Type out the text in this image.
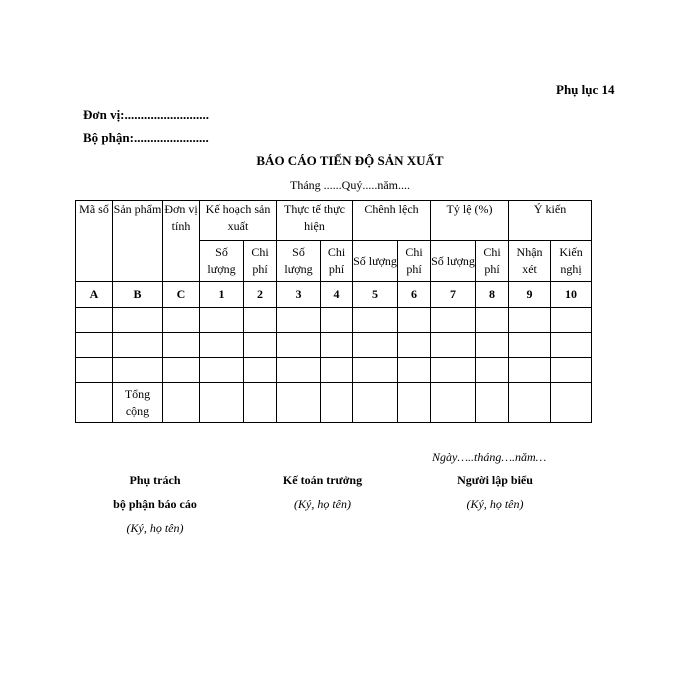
Phụ lục 14
Đơn vị:..........................
Bộ phận:.......................
BÁO CÁO TIẾN ĐỘ SẢN XUẤT
Tháng ......Quý.....năm....
Mã số	Sản phẩm	Đơn vị tính	Kế hoạch sản xuất		Thực tế thực hiện		Chênh lệch		Tỷ lệ (%)		Ý kiến	
			Số lượng	Chi phí	Số lượng	Chi phí	Số lượng	Chi phí	Số lượng	Chi phí	Nhận xét	Kiến nghị
A	B	C	1	2	3	4	5	6	7	8	9	10

	Tổng cộng											
Ngày…..tháng….năm…
Phụ trách
bộ phận báo cáo
(Ký, họ tên)
Kế toán trưởng
(Ký, họ tên)
Người lập biểu
(Ký, họ tên)
